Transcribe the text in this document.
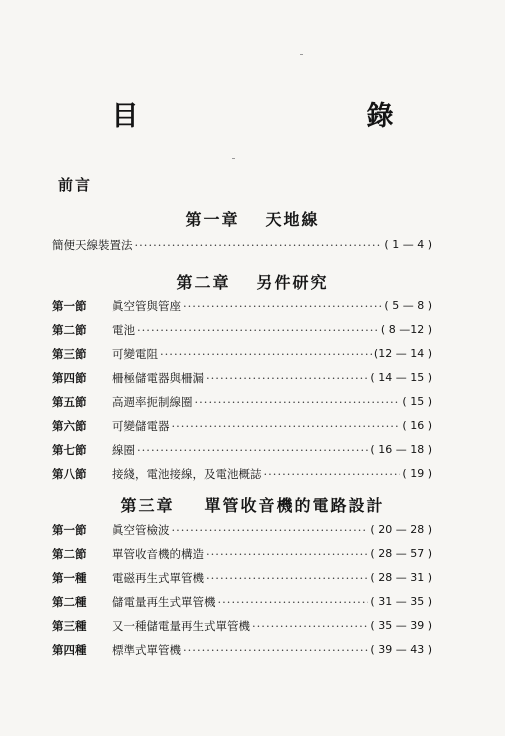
目　　錄
前言
第一章 天地線
簡便天線裝置法 ·····	( 1 — 4 )
第二章 另件研究
第一節	眞空管與管座 ·····	( 5 — 8 )
第二節	電池 ·····	( 8 —12 )
第三節	可變電阻 ·····	(12 — 14 )
第四節	柵極儲電器與柵漏 ·····	( 14 — 15 )
第五節	高週率扼制線圈 ·····	( 15 )
第六節	可變儲電器 ·····	( 16 )
第七節	線圈 ·····	( 16 — 18 )
第八節	接綫，電池接線，及電池概誌 ·····	( 19 )
第三章 單管收音機的電路設計
第一節	眞空管檢波 ·····	( 20 — 28 )
第二節	單管收音機的構造 ·····	( 28 — 57 )
第一種	電磁再生式單管機 ·····	( 28 — 31 )
第二種	儲電量再生式單管機 ·····	( 31 — 35 )
第三種	又一種儲電量再生式單管機 ·····	( 35 — 39 )
第四種	標準式單管機 ·····	( 39 — 43 )
